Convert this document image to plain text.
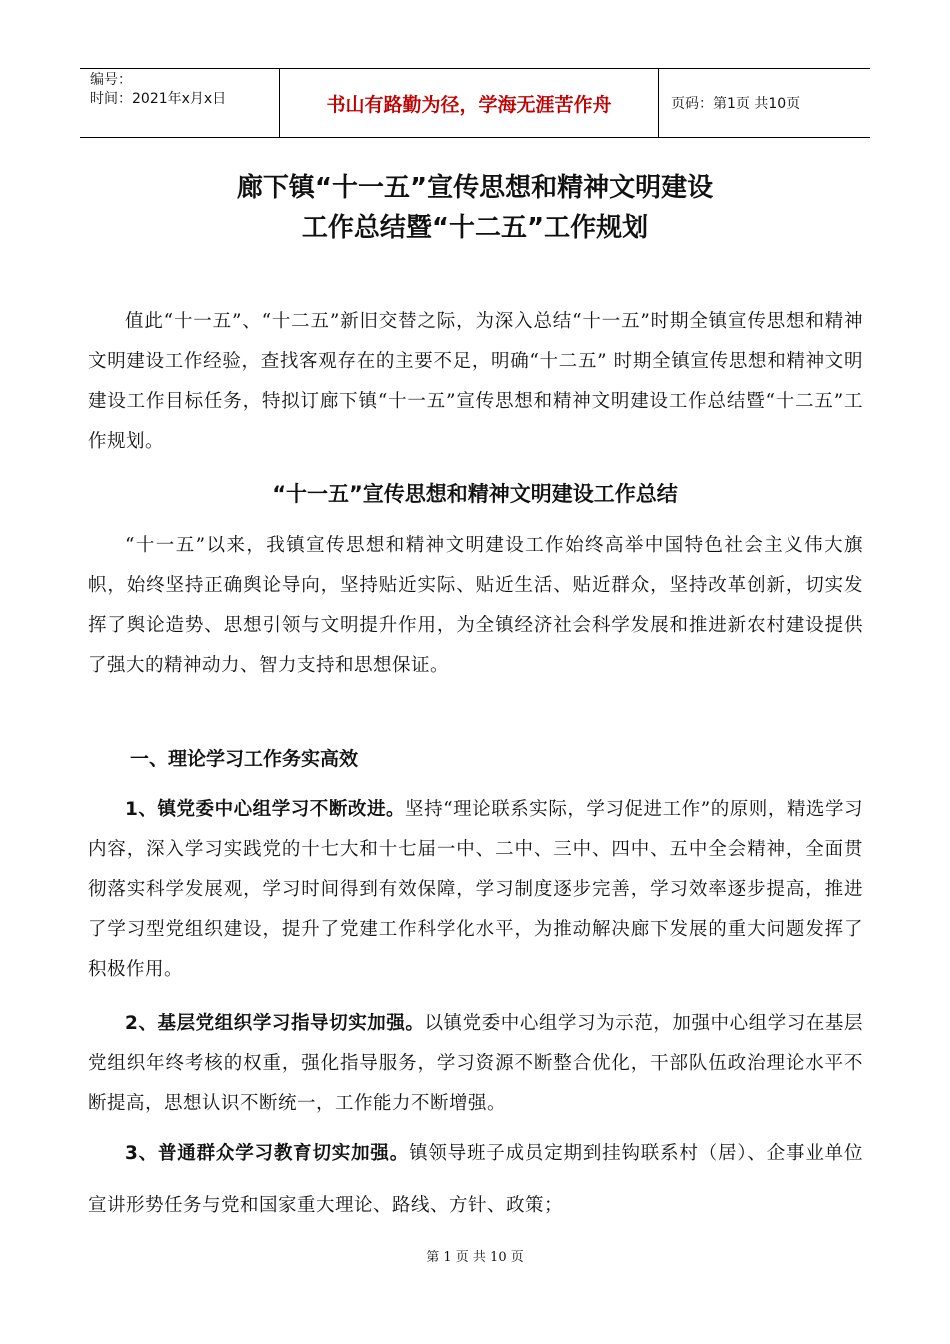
编号：
时间：2021年x月x日	书山有路勤为径，学海无涯苦作舟	页码：第1页 共10页
廊下镇“十一五”宣传思想和精神文明建设
工作总结暨“十二五”工作规划
值此“十一五”、“十二五”新旧交替之际，为深入总结“十一五”时期全镇宣传思想和精神文明建设工作经验，查找客观存在的主要不足，明确“十二五” 时期全镇宣传思想和精神文明建设工作目标任务，特拟订廊下镇“十一五”宣传思想和精神文明建设工作总结暨“十二五”工作规划。
“十一五”宣传思想和精神文明建设工作总结
“十一五”以来，我镇宣传思想和精神文明建设工作始终高举中国特色社会主义伟大旗帜，始终坚持正确舆论导向，坚持贴近实际、贴近生活、贴近群众，坚持改革创新，切实发挥了舆论造势、思想引领与文明提升作用，为全镇经济社会科学发展和推进新农村建设提供了强大的精神动力、智力支持和思想保证。
一、理论学习工作务实高效
1、镇党委中心组学习不断改进。坚持“理论联系实际，学习促进工作”的原则，精选学习内容，深入学习实践党的十七大和十七届一中、二中、三中、四中、五中全会精神，全面贯彻落实科学发展观，学习时间得到有效保障，学习制度逐步完善，学习效率逐步提高，推进了学习型党组织建设，提升了党建工作科学化水平，为推动解决廊下发展的重大问题发挥了积极作用。
2、基层党组织学习指导切实加强。以镇党委中心组学习为示范，加强中心组学习在基层党组织年终考核的权重，强化指导服务，学习资源不断整合优化，干部队伍政治理论水平不断提高，思想认识不断统一，工作能力不断增强。
3、普通群众学习教育切实加强。镇领导班子成员定期到挂钩联系村（居）、企事业单位宣讲形势任务与党和国家重大理论、路线、方针、政策；
第 1 页 共 10 页
